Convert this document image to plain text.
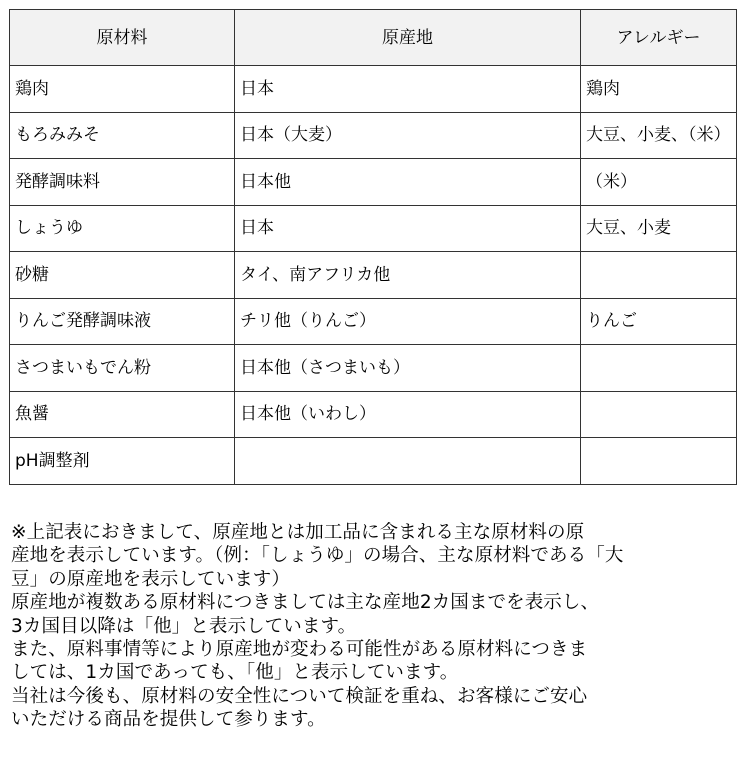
原材料	原産地	アレルギー
鶏肉	日本	鶏肉
もろみみそ	日本（大麦）	大豆、小麦、（米）
発酵調味料	日本他	（米）
しょうゆ	日本	大豆、小麦
砂糖	タイ、南アフリカ他	
りんご発酵調味液	チリ他（りんご）	りんご
さつまいもでん粉	日本他（さつまいも）	
魚醤	日本他（いわし）	
pH調整剤		

※上記表におきまして、原産地とは加工品に含まれる主な原材料の原

産地を表示しています。（例：「しょうゆ」の場合、主な原材料である「大

豆」の原産地を表示しています）

原産地が複数ある原材料につきましては主な産地2カ国までを表示し、

3カ国目以降は「他」と表示しています。

また、原料事情等により原産地が変わる可能性がある原材料につきま

しては、1カ国であっても、「他」と表示しています。

当社は今後も、原材料の安全性について検証を重ね、お客様にご安心

いただける商品を提供して参ります。
